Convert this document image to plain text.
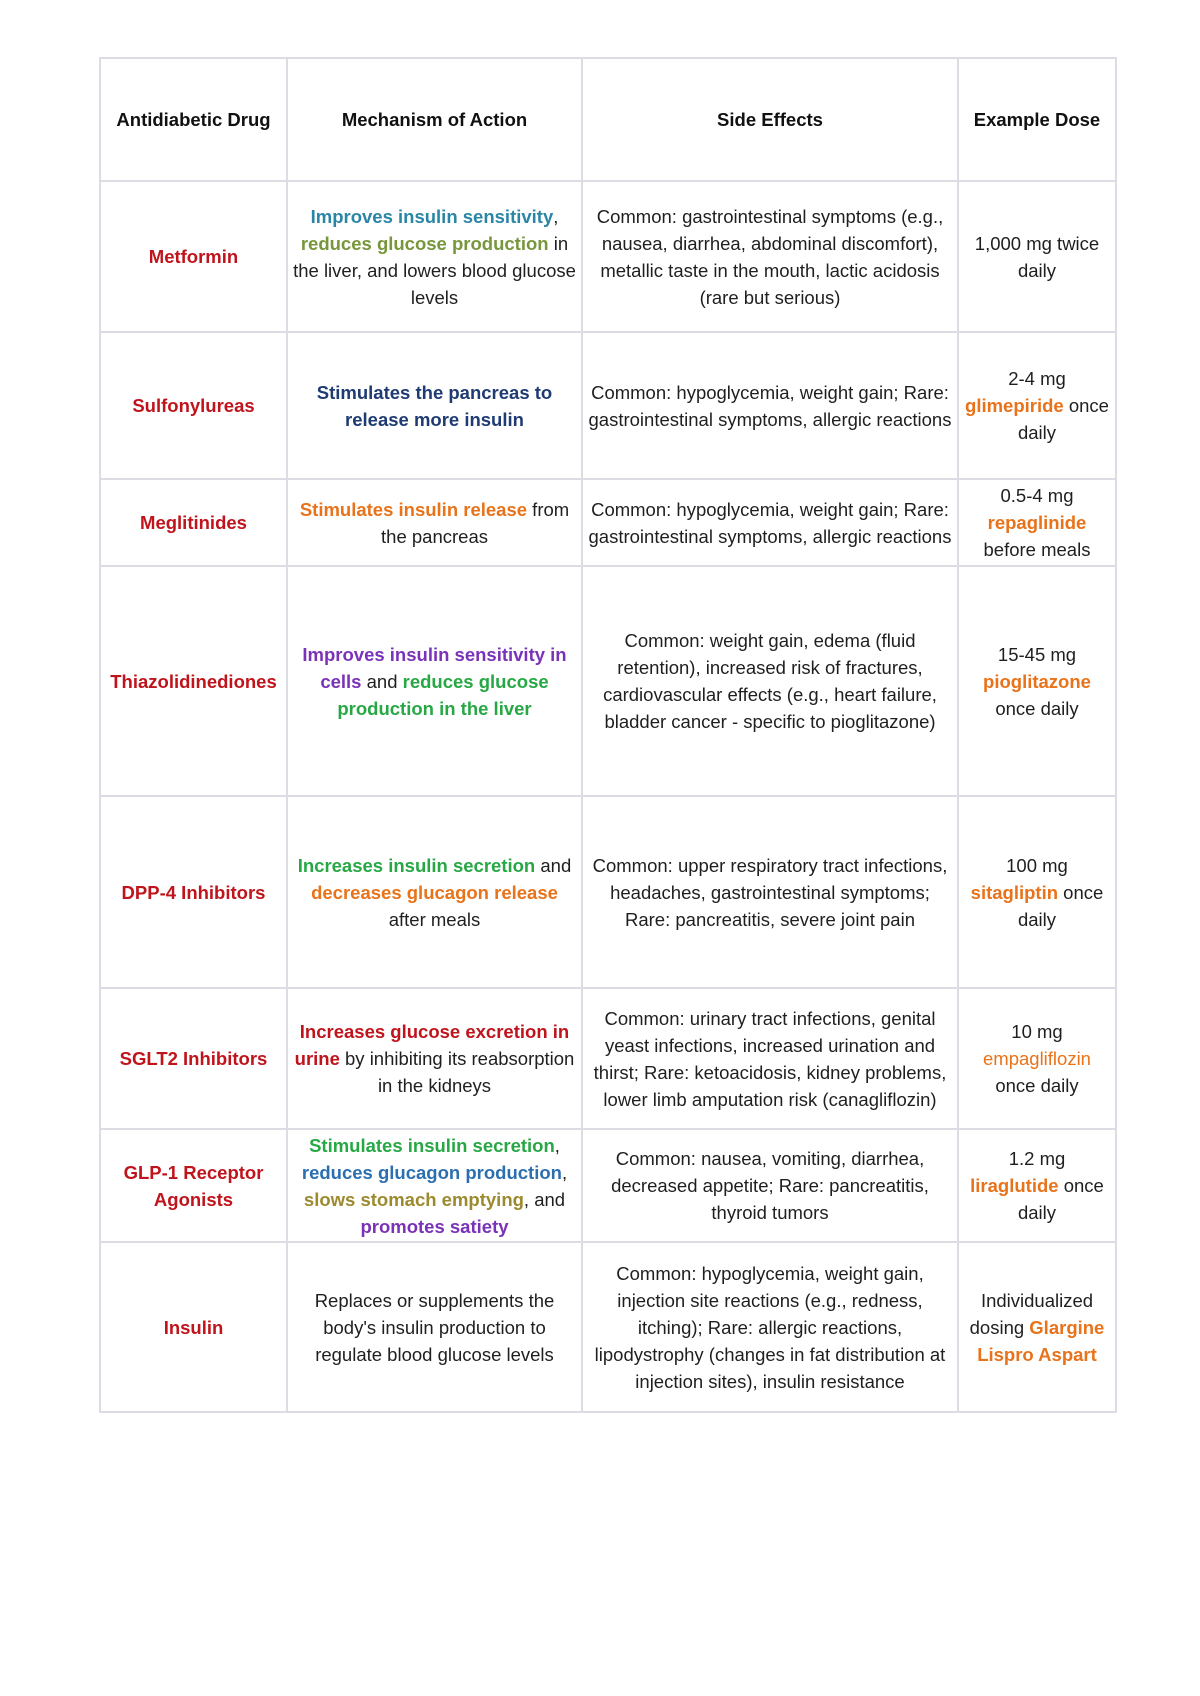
Antidiabetic Drug	Mechanism of Action	Side Effects	Example Dose
Metformin	Improves insulin sensitivity, reduces glucose production in the liver, and lowers blood glucose levels	Common: gastrointestinal symptoms (e.g., nausea, diarrhea, abdominal discomfort), metallic taste in the mouth, lactic acidosis (rare but serious)	1,000 mg twice daily
Sulfonylureas	Stimulates the pancreas to release more insulin	Common: hypoglycemia, weight gain; Rare: gastrointestinal symptoms, allergic reactions	2-4 mg glimepiride once daily
Meglitinides	Stimulates insulin release from the pancreas	Common: hypoglycemia, weight gain; Rare: gastrointestinal symptoms, allergic reactions	0.5-4 mg repaglinide before meals
Thiazolidinediones	Improves insulin sensitivity in cells and reduces glucose production in the liver	Common: weight gain, edema (fluid retention), increased risk of fractures, cardiovascular effects (e.g., heart failure, bladder cancer - specific to pioglitazone)	15-45 mg pioglitazone once daily
DPP-4 Inhibitors	Increases insulin secretion and decreases glucagon release after meals	Common: upper respiratory tract infections, headaches, gastrointestinal symptoms; Rare: pancreatitis, severe joint pain	100 mg sitagliptin once daily
SGLT2 Inhibitors	Increases glucose excretion in urine by inhibiting its reabsorption in the kidneys	Common: urinary tract infections, genital yeast infections, increased urination and thirst; Rare: ketoacidosis, kidney problems, lower limb amputation risk (canagliflozin)	10 mg empagliflozin once daily
GLP-1 Receptor Agonists	Stimulates insulin secretion, reduces glucagon production, slows stomach emptying, and promotes satiety	Common: nausea, vomiting, diarrhea, decreased appetite; Rare: pancreatitis, thyroid tumors	1.2 mg liraglutide once daily
Insulin	Replaces or supplements the body's insulin production to regulate blood glucose levels	Common: hypoglycemia, weight gain, injection site reactions (e.g., redness, itching); Rare: allergic reactions, lipodystrophy (changes in fat distribution at injection sites), insulin resistance	Individualized dosing Glargine Lispro Aspart
